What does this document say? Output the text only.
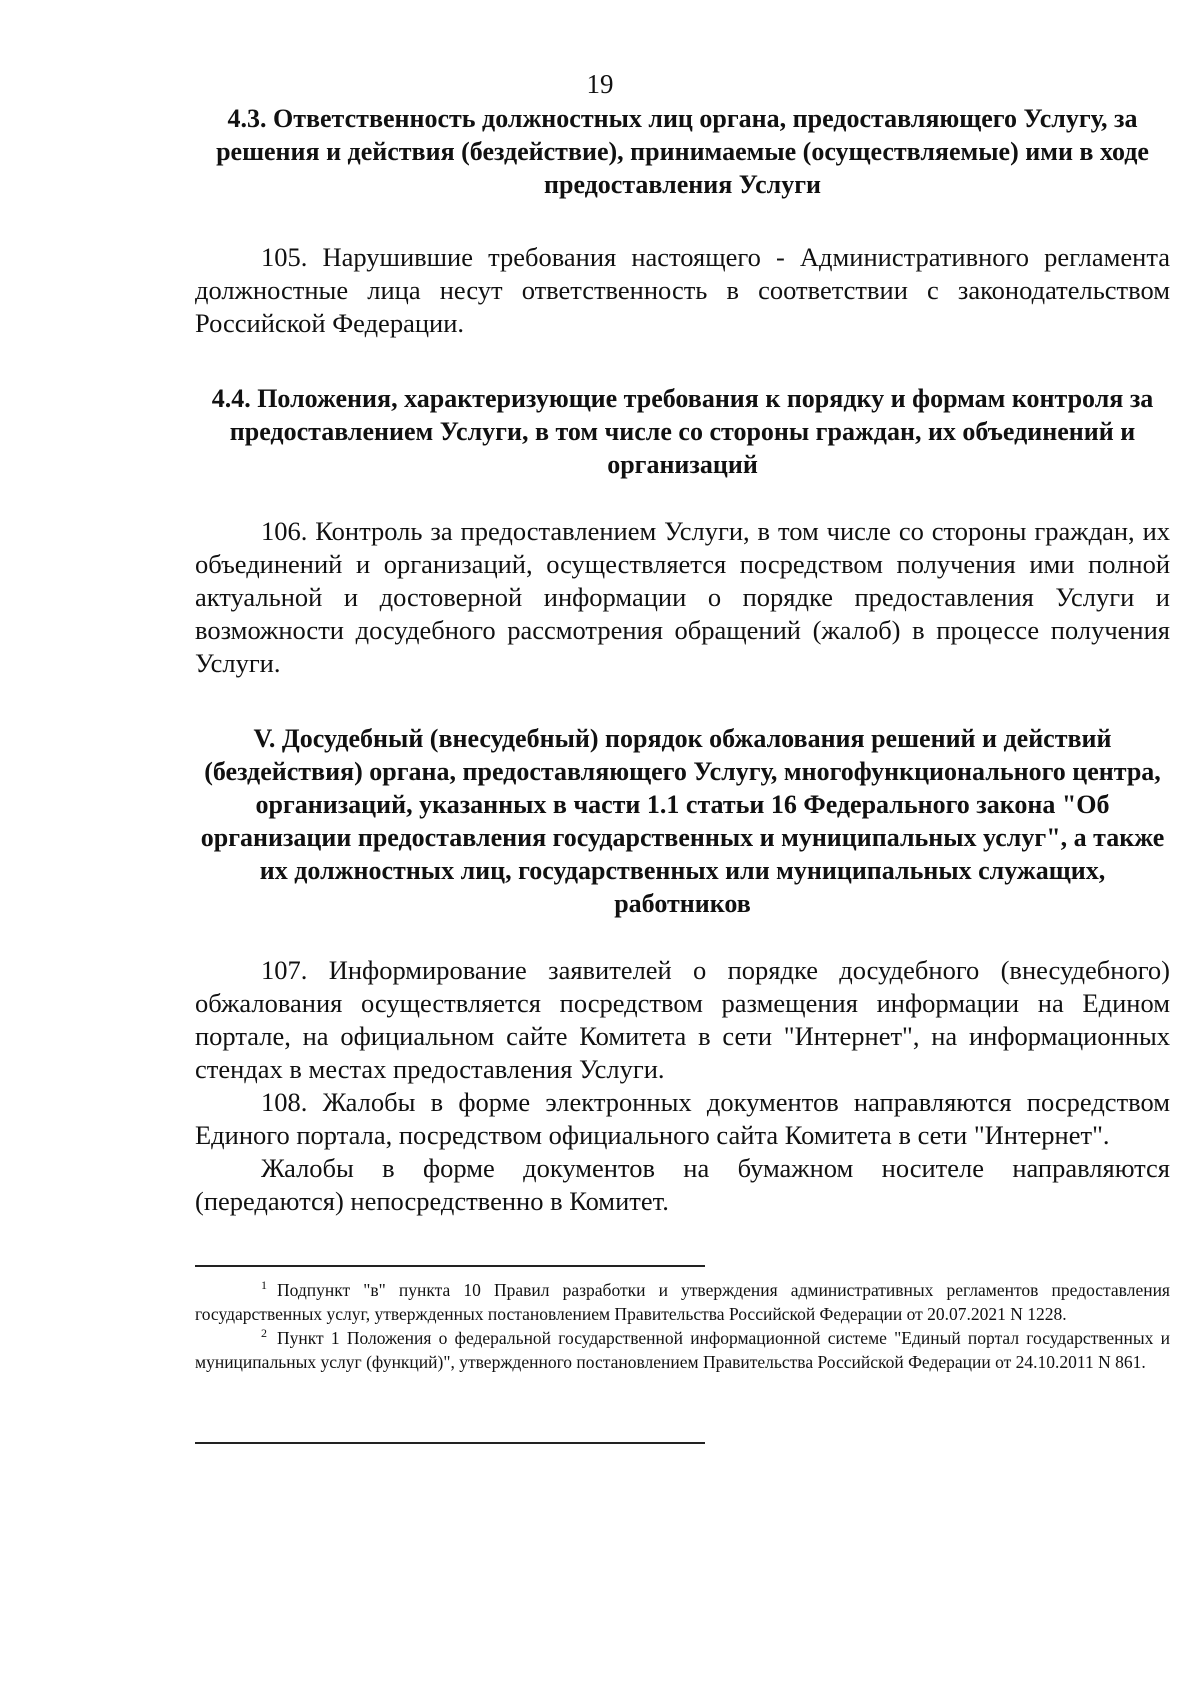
19
4.3. Ответственность должностных лиц органа, предоставляющего Услугу, за решения и действия (бездействие), принимаемые (осуществляемые) ими в ходе предоставления Услуги

105. Нарушившие требования настоящего - Административного регламента должностные лица несут ответственность в соответствии с законодательством Российской Федерации.

4.4. Положения, характеризующие требования к порядку и формам контроля за предоставлением Услуги, в том числе со стороны граждан, их объединений и организаций

106. Контроль за предоставлением Услуги, в том числе со стороны граждан, их объединений и организаций, осуществляется посредством получения ими полной актуальной и достоверной информации о порядке предоставления Услуги и возможности досудебного рассмотрения обращений (жалоб) в процессе получения Услуги.

V. Досудебный (внесудебный) порядок обжалования решений и действий (бездействия) органа, предоставляющего Услугу, многофункционального центра, организаций, указанных в части 1.1 статьи 16 Федерального закона "Об организации предоставления государственных и муниципальных услуг", а также их должностных лиц, государственных или муниципальных служащих, работников

107. Информирование заявителей о порядке досудебного (внесудебного) обжалования осуществляется посредством размещения информации на Едином портале, на официальном сайте Комитета в сети "Интернет", на информационных стендах в местах предоставления Услуги.

108. Жалобы в форме электронных документов направляются посредством Единого портала, посредством официального сайта Комитета в сети "Интернет".

Жалобы в форме документов на бумажном носителе направляются (передаются) непосредственно в Комитет.

$^1$ Подпункт "в" пункта 10 Правил разработки и утверждения административных регламентов предоставления государственных услуг, утвержденных постановлением Правительства Российской Федерации от 20.07.2021 N 1228.

$^2$ Пункт 1 Положения о федеральной государственной информационной системе "Единый портал государственных и муниципальных услуг (функций)", утвержденного постановлением Правительства Российской Федерации от 24.10.2011 N 861.
